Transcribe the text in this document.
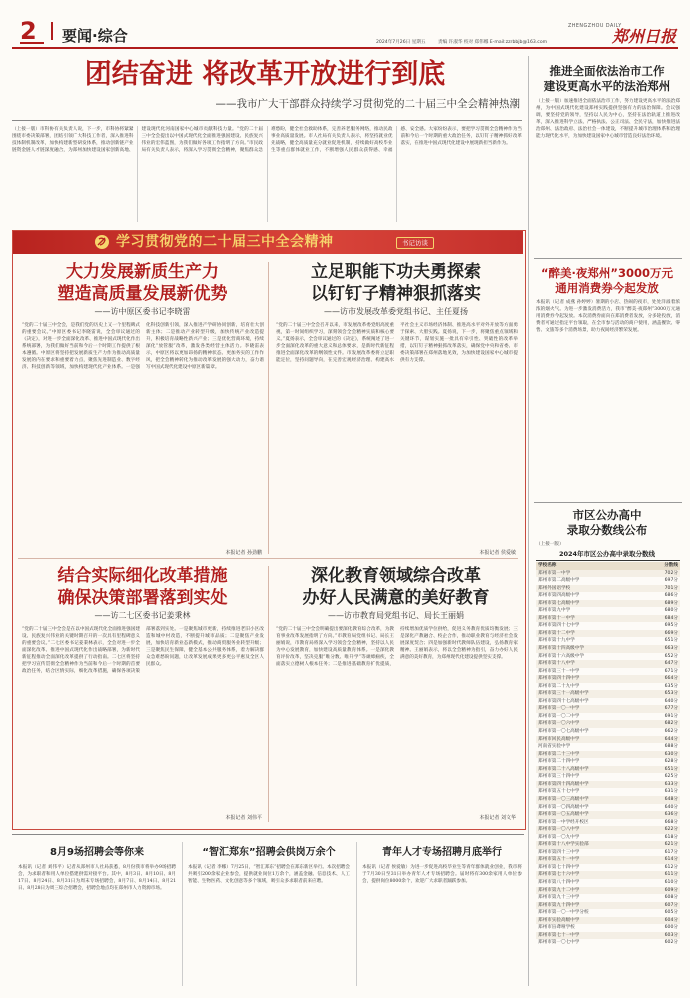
2	要闻·综合
ZHENGZHOU DAILY
郑州日报
2024年7月26日 星期五	责编 许淑华 校对 郑伟娜 E-mail:zzrbbjb@163.com
团结奋进 将改革开放进行到底
——我市广大干部群众持续学习贯彻党的二十届三中全会精神热潮
（上接一版）市科协有关负责人说，下一步，市科协将紧紧围绕市委决策部署，团结引领广大科技工作者，深入推进科技体制机制改革，加快构建新型研发体系，推动创新链产业链资金链人才链深度融合，为郑州加快建设国家创新高地、建设现代化河南国家中心城市贡献科技力量。“党的二十届三中全会提出以中国式现代化全面推进强国建设、民族复兴伟业的宏伟蓝图，为我们做好各项工作指明了方向。”市民政局有关负责人表示，将深入学习贯彻全会精神，聚焦群众急难愁盼，健全社会救助体系，完善养老服务网络，推动民政事业高质量发展。市人社局有关负责人表示，将坚持就业优先战略，健全高质量充分就业促进机制，持续做好高校毕业生等重点群体就业工作，不断增强人民群众获得感、幸福感、安全感。大家纷纷表示，要把学习贯彻全会精神作为当前和今后一个时期的重大政治任务，以钉钉子精神抓好改革落实，在推进中国式现代化建设中展现新担当新作为。
学习贯彻党的二十届三中全会精神	书记访谈
大力发展新质生产力
塑造高质量发展新优势
——访中原区委书记李晓雷
“党的二十届三中全会，是我们党的历史上又一个里程碑式的重要会议。”中原区委书记李晓雷说，全会审议通过的《决定》，对进一步全面深化改革、推进中国式现代化作出系统部署，为我们做好当前和今后一个时期工作提供了根本遵循。中原区将坚持把发展新质生产力作为推动高质量发展的内在要求和重要着力点，聚焦先进制造业、数字经济、科技创新等领域，加快构建现代化产业体系。一是强化科技创新引领，深入推进产学研协同创新，培育壮大创新主体；二是推动产业转型升级，加快传统产业改造提升，积极培育战略性新兴产业；三是优化营商环境，持续深化“放管服”改革，激发各类经营主体活力。李晓雷表示，中原区将以更加昂扬的精神状态、更加务实的工作作风，把全会精神转化为推动改革发展的强大动力，奋力谱写中国式现代化建设中原区新篇章。
本报记者 孙劲鹏
立足职能下功夫勇探索
以钉钉子精神狠抓落实
——访市发展改革委党组书记、主任夏扬
“党的二十届三中全会召开以来，市发展改革委党组高度重视，第一时间组织学习，深刻领会全会精神实质和核心要义。”夏扬表示，全会审议通过的《决定》，系统阐述了进一步全面深化改革的重大意义和总体要求，是新时代新征程推进全面深化改革的纲领性文件。市发展改革委将立足职能定位，坚持问题导向，在完善宏观经济治理、构建高水平社会主义市场经济体制、推进高水平对外开放等方面勇于探索、大胆实践。夏扬说，下一步，将聚焦重点领域和关键环节，谋划实施一批具有牵引性、突破性的改革举措，以钉钉子精神狠抓改革落实，确保党中央和省委、市委决策部署在郑州落地见效，为加快建设国家中心城市提供有力支撑。
本报记者 侯爱敏
结合实际细化改革措施
确保决策部署落到实处
——访二七区委书记姜秉林
“党的二十届三中全会是在以中国式现代化全面推进强国建设、民族复兴伟业的关键时期召开的一次具有里程碑意义的重要会议。”二七区委书记姜秉林表示，全会对进一步全面深化改革、推进中国式现代化作出战略部署，为新时代新征程推动全面深化改革提供了行动指南。二七区将坚持把学习宣传贯彻全会精神作为当前和今后一个时期的首要政治任务，结合区情实际，细化改革措施，确保各项决策部署落到实处。一是聚焦城市更新，持续推进老旧小区改造和城中村改造，不断提升城市品质；二是聚焦产业发展，加快培育新业态新模式，推动商贸服务业转型升级；三是聚焦民生保障，健全基本公共服务体系，着力解决群众急难愁盼问题，让改革发展成果更多更公平惠及全区人民群众。
本报记者 刘伟平
深化教育领域综合改革
办好人民满意的美好教育
——访市教育局党组书记、局长王丽娟
“党的二十届三中全会明确提出要深化教育综合改革，为教育事业改革发展指明了方向。”市教育局党组书记、局长王丽娟说，市教育局将深入学习领会全会精神，坚持以人民为中心发展教育，加快建设高质量教育体系。一是深化教育评价改革，坚决克服“唯分数、唯升学”等顽瘴痼疾，全面落实立德树人根本任务；二是推进基础教育扩优提质，持续增加优质学位供给，促进义务教育优质均衡发展；三是深化产教融合、校企合作，推动职业教育与经济社会发展深度契合；四是加强新时代教师队伍建设，弘扬教育家精神。王丽娟表示，将以全会精神为指引，奋力办好人民满意的美好教育，为郑州现代化建设提供坚实支撑。
本报记者 刘文华
推进全面依法治市工作
建设更高水平的法治郑州
（上接一版）加速推进全面依法治市工作，努力建设更高水平的法治郑州，为中国式现代化建设郑州实践提供坚强有力的法治保障。会议强调，要坚持党的领导，坚持以人民为中心，坚持在法治轨道上推进改革，深入推进科学立法、严格执法、公正司法、全民守法，加快推进法治郑州、法治政府、法治社会一体建设，不断提升城市治理体系和治理能力现代化水平，为加快建设国家中心城市营造良好法治环境。
“醉美·夜郑州”3000万元
通用消费券今起发放
本报讯（记者 成燕 孙婷婷）暑期的小店、热闹的夜市，处处洋溢着浓浓的烟火气。为进一步激发消费活力，我市“醉美·夜郑州”3000万元通用消费券今起发放。本次消费券面向在郑消费者发放，分多轮投放，消费者可通过指定平台领取，在全市参与活动的商户使用，涵盖餐饮、零售、文旅等多个消费场景，助力夜间经济繁荣发展。
市区公办高中
录取分数线公布
（上接一版）
2024年市区公办高中录取分数线
学校名称	分数线
郑州市第一中学	702分
郑州市第二高级中学	697分
郑州外国语学校	701分
郑州市第四高级中学	686分
郑州市第七高级中学	689分
郑州市第九中学	680分
郑州市第十一中学	684分
郑州市第四十七中学	695分
郑州市第十二中学	669分
郑州市第十九中学	651分
郑州市第十四高级中学	663分
郑州市第十六高级中学	652分
郑州市第十八中学	647分
郑州市第三十一中学	671分
郑州市第四十四中学	664分
郑州市第二十九中学	635分
郑州市第三十一高级中学	653分
郑州市第四十七高级中学	640分
郑州市第一〇一中学	677分
郑州市第一〇二中学	691分
郑州市第一〇六中学	682分
郑州市第一〇七高级中学	662分
郑州市回民高级中学	644分
河南省实验中学	688分
郑州市第二十三中学	630分
郑州市第二十四中学	628分
郑州市第二十八高级中学	651分
郑州市第三十四中学	625分
郑州市第四十四高级中学	633分
郑州市第五十七中学	631分
郑州市第一〇三高级中学	648分
郑州市第一〇四高级中学	640分
郑州市第一〇五高级中学	636分
郑州市第一中学经开校区	668分
郑州市第一〇八中学	622分
郑州市第一〇九中学	618分
郑州市第十八中学实验部	621分
郑州市第四十三中学	617分
郑州市第五十一中学	614分
郑州市第七十四中学	612分
郑州市第七十六中学	611分
郑州市第八十四中学	610分
郑州市第九十二中学	609分
郑州市第九十三中学	608分
郑州市第九十四中学	607分
郑州市第一〇一中学分校	605分
郑州市实验高级中学	604分
郑州市盲聋哑学校	600分
郑州市第七十一中学	603分
郑州市第一〇七中学	602分
8月9场招聘会等你来
本报讯（记者 刘伟平）记者从郑州市人社局获悉，8月份我市将举办9场招聘会，为求职者和用人单位搭建供需对接平台。其中，8月3日、8月10日、8月17日、8月24日、8月31日为周末专场招聘会，8月7日、8月14日、8月21日、8月28日为周三综合招聘会，招聘会地点均在郑州市人力资源市场。
“智汇郑东”招聘会供岗万余个
本报讯（记者 李娜）7月25日，“智汇郑东”招聘会在郑东新区举行。本次招聘会共吸引200余家企业参会，提供就业岗位1万余个，涵盖金融、信息技术、人工智能、生物医药、文化创意等多个领域，吸引众多求职者前来应聘。
青年人才专场招聘月底举行
本报讯（记者 侯爱敏）为进一步促进高校毕业生等青年群体就业创业，我市将于7月30日至31日举办青年人才专场招聘会。届时将有300余家用人单位参会，提供岗位8000余个，欢迎广大求职者踊跃参加。
